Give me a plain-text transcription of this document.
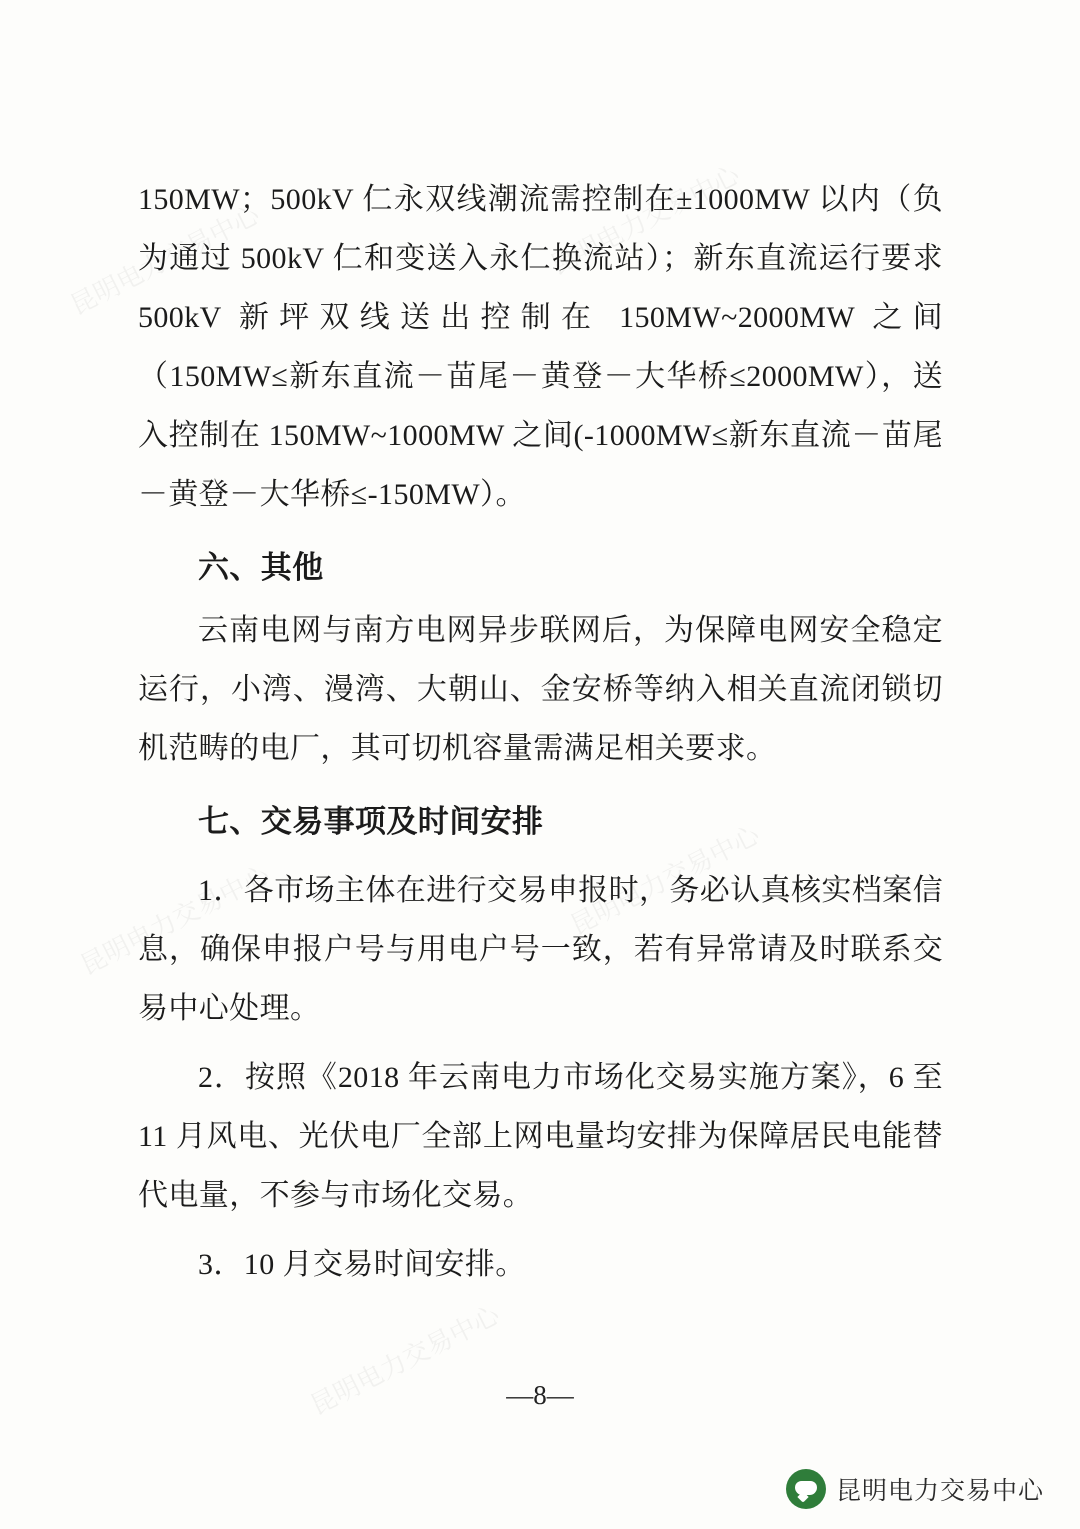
昆明电力交易中心	昆明电力交易中心
昆明电力交易中心	昆明电力交易中心
昆明电力交易中心

150MW；500kV 仁永双线潮流需控制在±1000MW 以内（负为通过 500kV 仁和变送入永仁换流站）；新东直流运行要求 500kV 新坪双线送出控制在 150MW~2000MW 之间（150MW≤新东直流－苗尾－黄登－大华桥≤2000MW），送入控制在 150MW~1000MW 之间(-1000MW≤新东直流－苗尾－黄登－大华桥≤-150MW）。

六、其他

云南电网与南方电网异步联网后，为保障电网安全稳定运行，小湾、漫湾、大朝山、金安桥等纳入相关直流闭锁切机范畴的电厂，其可切机容量需满足相关要求。

七、交易事项及时间安排

1．各市场主体在进行交易申报时，务必认真核实档案信息，确保申报户号与用电户号一致，若有异常请及时联系交易中心处理。

2．按照《2018 年云南电力市场化交易实施方案》，6 至 11 月风电、光伏电厂全部上网电量均安排为保障居民电能替代电量，不参与市场化交易。

3．10 月交易时间安排。

—8—
昆明电力交易中心
